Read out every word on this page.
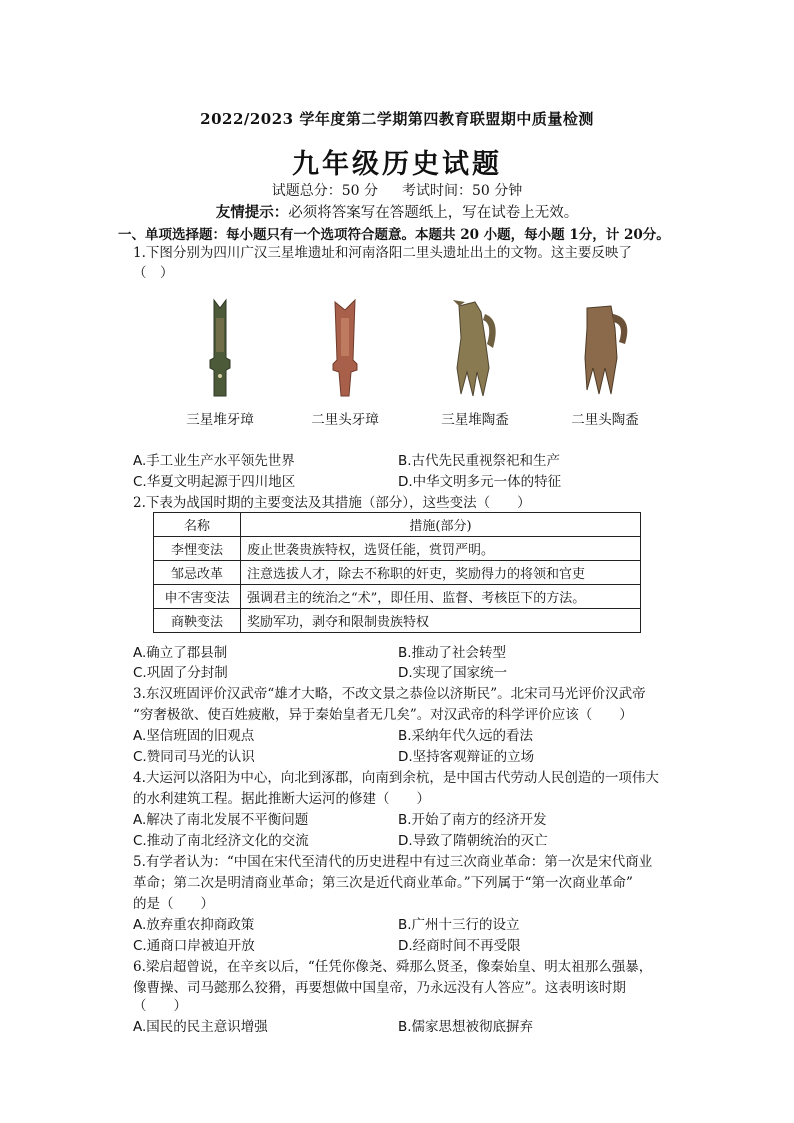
2022/2023 学年度第二学期第四教育联盟期中质量检测
九年级历史试题
试题总分：50 分 考试时间：50 分钟
友情提示：必须将答案写在答题纸上，写在试卷上无效。
一、单项选择题：每小题只有一个选项符合题意。本题共 20 小题，每小题 1分，计 20分。
1.下图分别为四川广汉三星堆遗址和河南洛阳二里头遗址出土的文物。这主要反映了
（　）
三星堆牙璋	二里头牙璋	三星堆陶盉	二里头陶盉
A.手工业生产水平领先世界	B.古代先民重视祭祀和生产
C.华夏文明起源于四川地区	D.中华文明多元一体的特征
2.下表为战国时期的主要变法及其措施（部分），这些变法（　　）
名称	措施(部分)
李悝变法	废止世袭贵族特权，选贤任能，赏罚严明。
邹忌改革	注意选拔人才，除去不称职的奸吏，奖励得力的将领和官吏
申不害变法	强调君主的统治之“术”，即任用、监督、考核臣下的方法。
商鞅变法	奖励军功，剥夺和限制贵族特权
A.确立了郡县制	B.推动了社会转型
C.巩固了分封制	D.实现了国家统一
3.东汉班固评价汉武帝“雄才大略，不改文景之恭俭以济斯民”。北宋司马光评价汉武帝
“穷奢极欲、使百姓疲敝，异于秦始皇者无几矣”。对汉武帝的科学评价应该（　　）
A.坚信班固的旧观点	B.采纳年代久远的看法
C.赞同司马光的认识	D.坚持客观辩证的立场
4.大运河以洛阳为中心，向北到涿郡，向南到余杭，是中国古代劳动人民创造的一项伟大
的水利建筑工程。据此推断大运河的修建（　　）
A.解决了南北发展不平衡问题	B.开始了南方的经济开发
C.推动了南北经济文化的交流	D.导致了隋朝统治的灭亡
5.有学者认为：“中国在宋代至清代的历史进程中有过三次商业革命：第一次是宋代商业
革命；第二次是明清商业革命；第三次是近代商业革命。”下列属于“第一次商业革命”
的是（　　）
A.放弃重农抑商政策	B.广州十三行的设立
C.通商口岸被迫开放	D.经商时间不再受限
6.梁启超曾说，在辛亥以后，“任凭你像尧、舜那么贤圣，像秦始皇、明太祖那么强暴，
像曹操、司马懿那么狡猾，再要想做中国皇帝，乃永远没有人答应”。这表明该时期
（　　）
A.国民的民主意识增强	B.儒家思想被彻底摒弃
